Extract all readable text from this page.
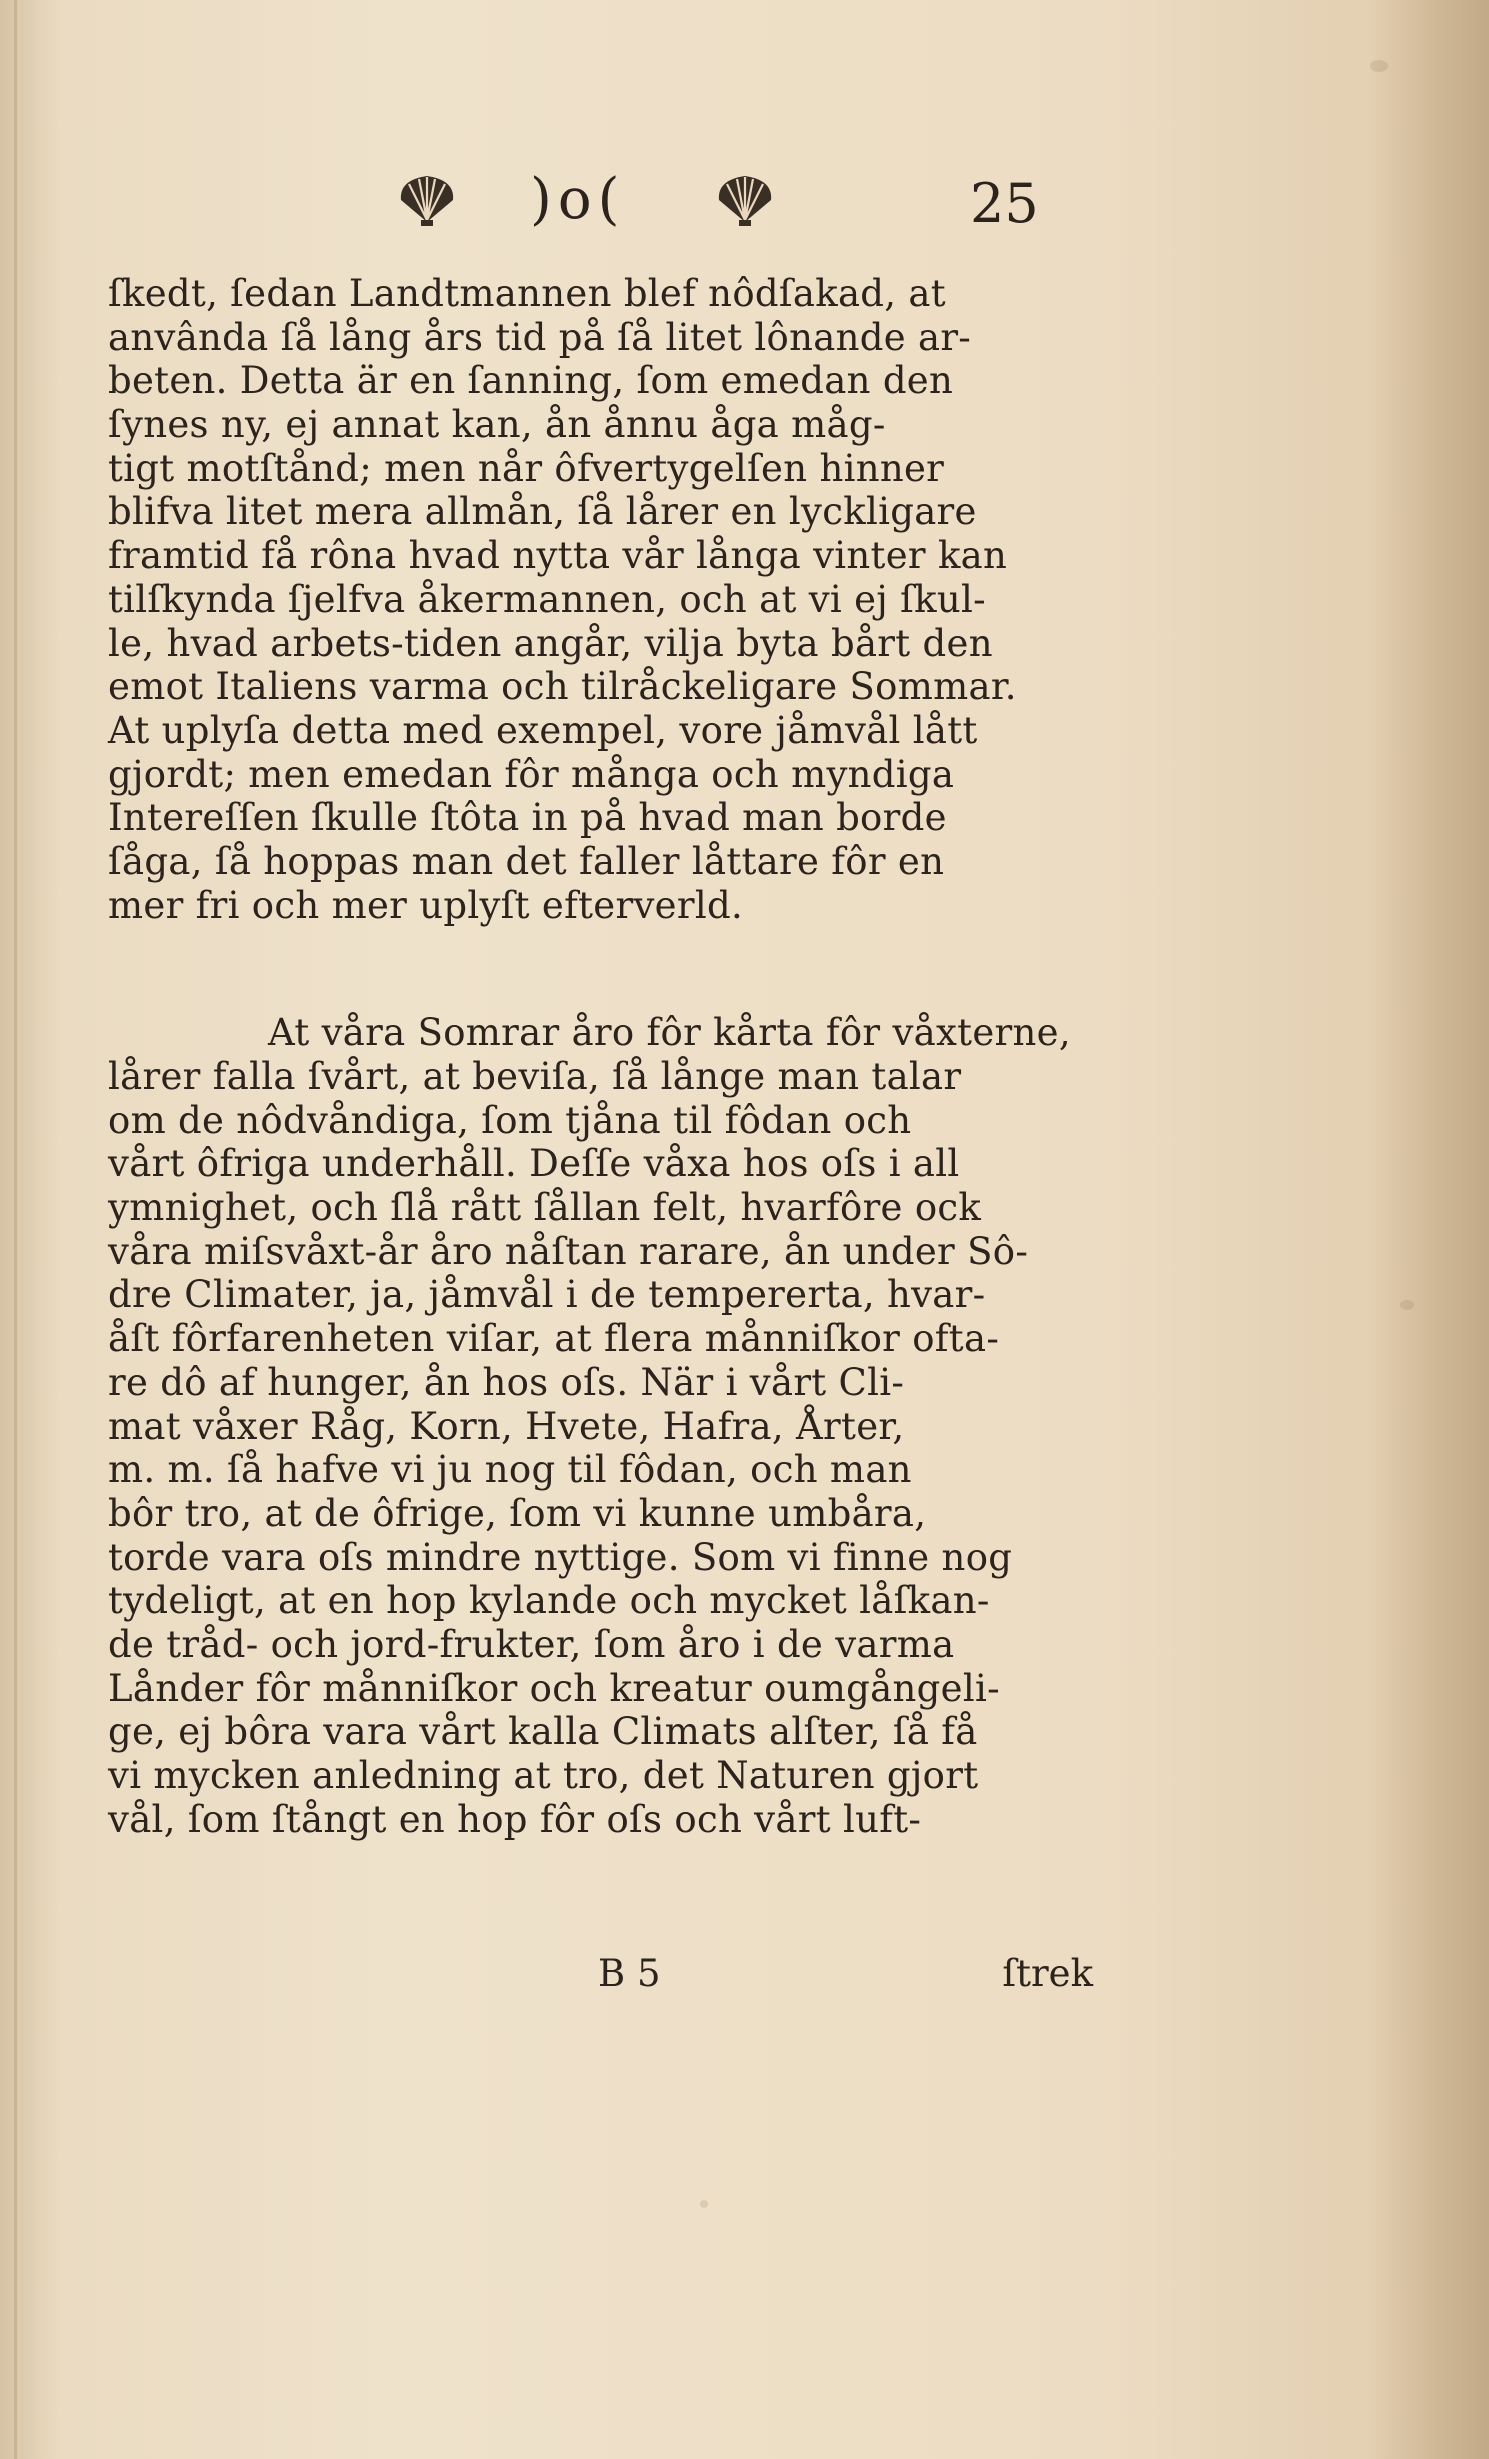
)o(	25
ſkedt, ſedan Landtmannen blef nôdſakad, at
anvânda ſå lång års tid på ſå litet lônande ar-
beten. Detta är en ſanning, ſom emedan den
ſynes ny, ej annat kan, ån ånnu åga måg-
tigt motſtånd; men når ôfvertygelſen hinner
blifva litet mera allmån, ſå lårer en lyckligare
framtid få rôna hvad nytta vår långa vinter kan
tilſkynda ſjelfva åkermannen, och at vi ej ſkul-
le, hvad arbets-tiden angår, vilja byta bårt den
emot Italiens varma och tilråckeligare Sommar.
At uplyſa detta med exempel, vore jåmvål lått
gjordt; men emedan fôr många och myndiga
Intereſſen ſkulle ſtôta in på hvad man borde
ſåga, ſå hoppas man det faller låttare fôr en
mer fri och mer uplyſt efterverld.
At våra Somrar åro fôr kårta fôr våxterne,
lårer falla ſvårt, at beviſa, ſå långe man talar
om de nôdvåndiga, ſom tjåna til fôdan och
vårt ôfriga underhåll. Deſſe våxa hos oſs i all
ymnighet, och ſlå rått ſållan felt, hvarfôre ock
våra miſsvåxt-år åro nåſtan rarare, ån under Sô-
dre Climater, ja, jåmvål i de tempererta, hvar-
åſt fôrfarenheten viſar, at flera månniſkor ofta-
re dô af hunger, ån hos oſs. När i vårt Cli-
mat våxer Råg, Korn, Hvete, Hafra, Årter,
m. m. ſå hafve vi ju nog til fôdan, och man
bôr tro, at de ôfrige, ſom vi kunne umbåra,
torde vara oſs mindre nyttige. Som vi finne nog
tydeligt, at en hop kylande och mycket låſkan-
de tråd- och jord-frukter, ſom åro i de varma
Lånder fôr månniſkor och kreatur oumgångeli-
ge, ej bôra vara vårt kalla Climats alſter, ſå få
vi mycken anledning at tro, det Naturen gjort
vål, ſom ſtångt en hop fôr oſs och vårt luft-
B 5	ſtrek
